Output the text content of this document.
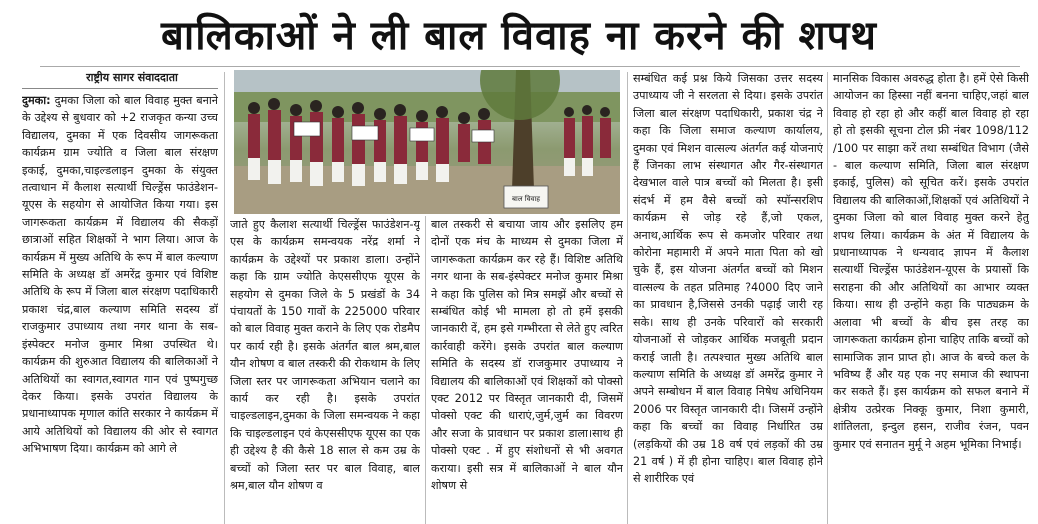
बालिकाओं ने ली बाल विवाह ना करने की शपथ
राष्ट्रीय सागर संवाददाता
दुमका: दुमका जिला को बाल विवाह मुक्त बनाने के उद्देश्य से बुधवार को +2 राजकृत कन्या उच्च विद्यालय, दुमका में एक दिवसीय जागरूकता कार्यक्रम ग्राम ज्योति व जिला बाल संरक्षण इकाई, दुमका,चाइल्डलाइन दुमका के संयुक्त तत्वाधान में कैलाश सत्यार्थी चिल्ड्रेंस फाउंडेशन-यूएस के सहयोग से आयोजित किया गया। इस जागरूकता कार्यक्रम में विद्यालय की सैकड़ों छात्राओं सहित शिक्षकों ने भाग लिया। आज के कार्यक्रम में मुख्य अतिथि के रूप में बाल कल्याण समिति के अध्यक्ष डॉ अमरेंद्र कुमार एवं विशिष्ट अतिथि के रूप में जिला बाल संरक्षण पदाधिकारी प्रकाश चंद्र,बाल कल्याण समिति सदस्य डॉ राजकुमार उपाध्याय तथा नगर थाना के सब-इंस्पेक्टर मनोज कुमार मिश्रा उपस्थित थे। कार्यक्रम की शुरुआत विद्यालय की बालिकाओं ने अतिथियों का स्वागत,स्वागत गान एवं पुष्पगुच्छ देकर किया। इसके उपरांत विद्यालय के प्रधानाध्यापक मृणाल कांति सरकार ने कार्यक्रम में आये अतिथियों को विद्यालय की ओर से स्वागत अभिभाषण दिया। कार्यक्रम को आगे ले
बाल विवाह
जाते हुए कैलाश सत्यार्थी चिल्ड्रेंस फाउंडेशन-यू एस के कार्यक्रम समन्वयक नरेंद्र शर्मा ने कार्यक्रम के उद्देश्यों पर प्रकाश डाला। उन्होंने कहा कि ग्राम ज्योति केएससीएफ यूएस के सहयोग से दुमका जिले के 5 प्रखंडों के 34 पंचायतों के 150 गावों के 225000 परिवार को बाल विवाह मुक्त कराने के लिए एक रोडमैप पर कार्य रही है। इसके अंतर्गत बाल श्रम,बाल यौन शोषण व बाल तस्करी की रोकथाम के लिए जिला स्तर पर जागरूकता अभियान चलाने का कार्य कर रही है। इसके उपरांत चाइल्डलाइन,दुमका के जिला समन्वयक ने कहा कि चाइल्डलाइन एवं केएससीएफ यूएस का एक ही उद्देश्य है की कैसे 18 साल से कम उम्र के बच्चों को जिला स्तर पर बाल विवाह, बाल श्रम,बाल यौन शोषण व
बाल तस्करी से बचाया जाय और इसलिए हम दोनों एक मंच के माध्यम से दुमका जिला में जागरूकता कार्यक्रम कर रहे हैं। विशिष्ट अतिथि नगर थाना के सब-इंस्पेक्टर मनोज कुमार मिश्रा ने कहा कि पुलिस को मित्र समझें और बच्चों से सम्बंधित कोई भी मामला हो तो हमें इसकी जानकारी दें, हम इसे गम्भीरता से लेते हुए त्वरित कार्रवाही करेंगे। इसके उपरांत बाल कल्याण समिति के सदस्य डॉ राजकुमार उपाध्याय ने विद्यालय की बालिकाओं एवं शिक्षकों को पोक्सो एक्ट 2012 पर विस्तृत जानकारी दी, जिसमें पोक्सो एक्ट की धाराएं,जुर्म,जुर्म का विवरण और सजा के प्रावधान पर प्रकाश डाला।साथ ही पोक्सो एक्ट . में हुए संशोधनों से भी अवगत कराया। इसी सत्र में बालिकाओं ने बाल यौन शोषण से
सम्बंधित कई प्रश्न किये जिसका उत्तर सदस्य उपाध्याय जी ने सरलता से दिया। इसके उपरांत जिला बाल संरक्षण पदाधिकारी, प्रकाश चंद्र ने कहा कि जिला समाज कल्याण कार्यालय, दुमका एवं मिशन वात्सल्य अंतर्गत कई योजनाएं हैं जिनका लाभ संस्थागत और गैर-संस्थागत देखभाल वाले पात्र बच्चों को मिलता है। इसी संदर्भ में हम वैसे बच्चों को स्पॉन्सरशिप कार्यक्रम से जोड़ रहे हैं,जो एकल, अनाथ,आर्थिक रूप से कमजोर परिवार तथा कोरोना महामारी में अपने माता पिता को खो चुके हैं, इस योजना अंतर्गत बच्चों को मिशन वात्सल्य के तहत प्रतिमाह ?4000 दिए जाने का प्रावधान है,जिससे उनकी पढ़ाई जारी रह सके। साथ ही उनके परिवारों को सरकारी योजनाओं से जोड़कर आर्थिक मजबूती प्रदान कराई जाती है। तत्पश्चात मुख्य अतिथि बाल कल्याण समिति के अध्यक्ष डॉ अमरेंद्र कुमार ने अपने सम्बोधन में बाल विवाह निषेध अधिनियम 2006 पर विस्तृत जानकारी दी। जिसमें उन्होंने कहा कि बच्चों का विवाह निर्धारित उम्र (लड़कियों की उम्र 18 वर्ष एवं लड़कों की उम्र 21 वर्ष ) में ही होना चाहिए। बाल विवाह होने से शारीरिक एवं
मानसिक विकास अवरुद्ध होता है। हमें ऐसे किसी आयोजन का हिस्सा नहीं बनना चाहिए,जहां बाल विवाह हो रहा हो और कहीं बाल विवाह हो रहा हो तो इसकी सूचना टोल फ्री नंबर 1098/112 /100 पर साझा करें तथा सम्बंधित विभाग (जैसे - बाल कल्याण समिति, जिला बाल संरक्षण इकाई, पुलिस) को सूचित करें। इसके उपरांत विद्यालय की बालिकाओं,शिक्षकों एवं अतिथियों ने दुमका जिला को बाल विवाह मुक्त करने हेतु शपथ लिया। कार्यक्रम के अंत में विद्यालय के प्रधानाध्यापक ने धन्यवाद ज्ञापन में कैलाश सत्यार्थी चिल्ड्रेंस फाउंडेशन-यूएस के प्रयासों कि सराहना की और अतिथियों का आभार व्यक्त किया। साथ ही उन्होंने कहा कि पाठ्यक्रम के अलावा भी बच्चों के बीच इस तरह का जागरूकता कार्यक्रम होना चाहिए ताकि बच्चों को सामाजिक ज्ञान प्राप्त हो। आज के बच्चे कल के भविष्य हैं और यह एक नए समाज की स्थापना कर सकते हैं। इस कार्यक्रम को सफल बनाने में क्षेत्रीय उत्प्रेरक निक्कू कुमार, निशा कुमारी, शांतिलता, इन्दुल हसन, राजीव रंजन, पवन कुमार एवं सनातन मुर्मू ने अहम भूमिका निभाई।
